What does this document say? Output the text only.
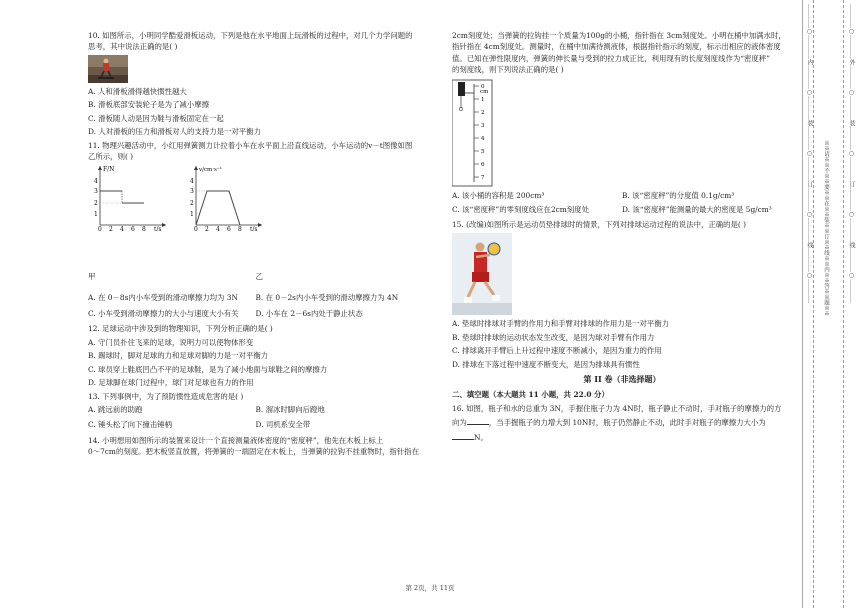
10. 如图所示，小明同学酷爱滑板运动，下列是他在水平地面上玩滑板的过程中，对几个力学问题的

思考，其中说法正确的是( )

A. 人和滑板滑得越快惯性越大

B. 滑板底部安装轮子是为了减小摩擦

C. 滑板随人动是因为鞋与滑板固定在一起

D. 人对滑板的压力和滑板对人的支持力是一对平衡力

11. 物理兴趣活动中，小红用弹簧测力计拉着小车在水平面上沿直线运动，小车运动的v－t图像如图

乙所示，则( )

F/N
t/s
4
3
2
1
0 2 4 6 8
v/cm·s⁻¹
t/s
4
3
2
1
0 2 4 6 8
甲	乙
A. 在 0－8s内小车受到的滑动摩擦力均为 3N	B. 在 0－2s内小车受到的滑动摩擦力为 4N
C. 小车受到滑动摩擦力的大小与速度大小有关	D. 小车在 2－6s内处于静止状态

12. 足球运动中涉及到的物理知识，下列分析正确的是( )

A. 守门员扑住飞来的足球，说明力可以使物体形变

B. 踢球时，脚对足球的力和足球对脚的力是一对平衡力

C. 球员穿上鞋底凹凸不平的足球鞋，是为了减小地面与球鞋之间的摩擦力

D. 足球脚在球门过程中，球门对足球也有力的作用

13. 下列事例中，为了预防惯性造成危害的是( )

A. 跳远前的助跑	B. 溜冰时脚向后蹬地
C. 锤头松了向下撞击锤柄	D. 司机系安全带

14. 小明想用如图所示的装置来设计一个直接测量液体密度的“密度秤”，他先在木板上标上

0～7cm的刻度。把木板竖直放置，将弹簧的一端固定在木板上，当弹簧的拉钩不挂重物时，指针指在

2cm刻度处；当弹簧的拉钩挂一个质量为100g的小桶，指针指在 3cm刻度处。小明在桶中加满水时，

指针指在 4cm刻度处。测量时，在桶中加满待测液体，根据指针指示的刻度，标示出相应的液体密度

值。已知在弹性限度内，弹簧的伸长量与受到的拉力成正比，利用现有的长度刻度线作为“密度秤”

的刻度线，则下列说法正确的是( )

cm
0
1
2
3
4
5
6
7
A. 该小桶的容积是 200cm³	B. 该“密度秤”的分度值 0.1g/cm³
C. 该“密度秤”的零刻度线应在2cm刻度处	D. 该“密度秤”能测量的最大的密度是 5g/cm³

15. (改编)如图所示是运动员垫排球时的情景，下列对排球运动过程的说法中，正确的是( )

A. 垫球时排球对手臂的作用力和手臂对排球的作用力是一对平衡力

B. 垫球时排球的运动状态发生改变，是因为球对手臂有作用力

C. 排球离开手臂后上升过程中速度不断减小，是因为重力的作用

D. 排球在下落过程中速度不断变大，是因为排球具有惯性

第 II 卷（非选择题）

二、填空题（本大题共 11 小题，共 22.0 分）

16. 如图，瓶子和水的总重为 3N，手握住瓶子力为 4N时，瓶子静止不动时，手对瓶子的摩擦力的方

向为	，当手握瓶子的力增大到 10N时，瓶子仍然静止不动，此时手对瓶子的摩擦力大小为

N。

第 2页，共 11页
…………○…………内…………○…………装…………○…………订…………○…………线…………○………… ※※请※※不※※要※※在※※装※※订※※线※※内※※答※※题※※	…………○…………外…………○…………装…………○…………订…………○…………线…………○…………
